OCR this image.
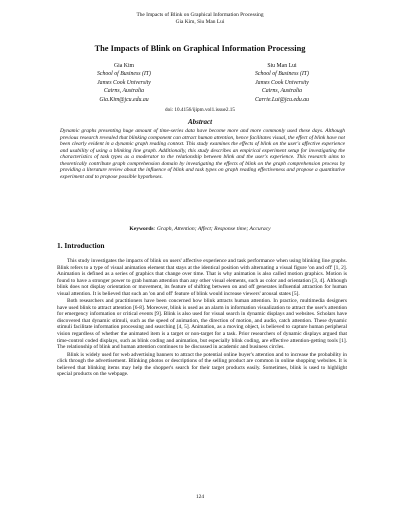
The Impacts of Blink on Graphical Information Processing
Gia Kim, Siu Man Lui
The Impacts of Blink on Graphical Information Processing
Gia Kim
School of Business (IT)
James Cook University
Cairns, Australia
Gia.Kim@jcu.edu.au
Siu Man Lui
School of Business (IT)
James Cook University
Cairns, Australia
Carrie.Lui@jcu.edu.au
doi: 10.4156/ijipm.vol1.issue2.15
Abstract
Dynamic graphs presenting huge amount of time-series data have become more and more commonly used these days. Although previous research revealed that blinking component can attract human attention, hence facilitates visual, the effect of blink have not been clearly evident in a dynamic graph reading context. This study examines the effects of blink on the user's affective experience and usability of using a blinking line graph. Additionally, this study describes an empirical experiment setup for investigating the characteristics of task types as a moderator to the relationship between blink and the user's experience. This research aims to theoretically contribute graph comprehension domain by investigating the effects of blink on the graph comprehension process by providing a literature review about the influence of blink and task types on graph reading effectiveness and propose a quantitative experiment and to propose possible hypotheses.
Keywords: Graph, Attention; Affect; Response time; Accuracy
1. Introduction

This study investigates the impacts of blink on users' affective experience and task performance when using blinking line graphs. Blink refers to a type of visual animation element that stays at the identical position with alternating a visual figure 'on and off' [1, 2]. Animation is defined as a series of graphics that change over time. That is why animation is also called motion graphics. Motion is found to have a stronger power to grab human attention than any other visual elements, such as color and orientation [3, 4]. Although blink does not display orientation or movement, its feature of shifting between on and off generates influential attraction for human visual attention. It is believed that such an 'on and off' feature of blink would increase viewers' arousal states [5].

Both researchers and practitioners have been concerned how blink attracts human attention. In practice, multimedia designers have used blink to attract attention [6-8]. Moreover, blink is used as an alarm in information visualization to attract the user's attention for emergency information or critical events [9]. Blink is also used for visual search in dynamic displays and websites. Scholars have discovered that dynamic stimuli, such as the speed of animation, the direction of motion, and audio, catch attention. These dynamic stimuli facilitate information processing and searching [4, 5]. Animation, as a moving object, is believed to capture human peripheral vision regardless of whether the animated item is a target or non-target for a task. Prior researchers of dynamic displays argued that time-control coded displays, such as blink coding and animation, but especially blink coding, are effective attention-getting tools [1]. The relationship of blink and human attention continues to be discussed in academic and business circles.

Blink is widely used for web advertising banners to attract the potential online buyer's attention and to increase the probability in click through the advertisement. Blinking photos or descriptions of the selling product are common in online shopping websites. It is believed that blinking items may help the shopper's search for their target products easily. Sometimes, blink is used to highlight special products on the webpage.

124
